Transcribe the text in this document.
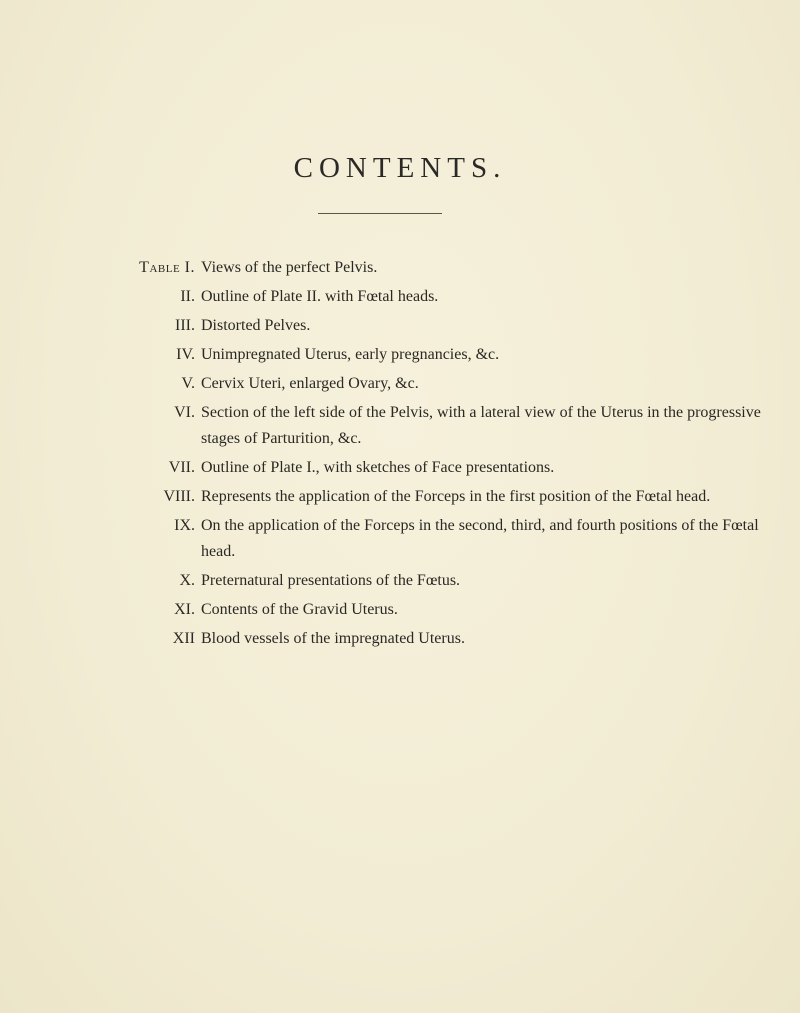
CONTENTS.
Table I. Views of the perfect Pelvis.
II. Outline of Plate II. with Fœtal heads.
III. Distorted Pelves.
IV. Unimpregnated Uterus, early pregnancies, &c.
V. Cervix Uteri, enlarged Ovary, &c.
VI. Section of the left side of the Pelvis, with a lateral view of the Uterus in the progressive stages of Parturition, &c.
VII. Outline of Plate I., with sketches of Face presentations.
VIII. Represents the application of the Forceps in the first position of the Fœtal head.
IX. On the application of the Forceps in the second, third, and fourth positions of the Fœtal head.
X. Preternatural presentations of the Fœtus.
XI. Contents of the Gravid Uterus.
XII Blood vessels of the impregnated Uterus.
